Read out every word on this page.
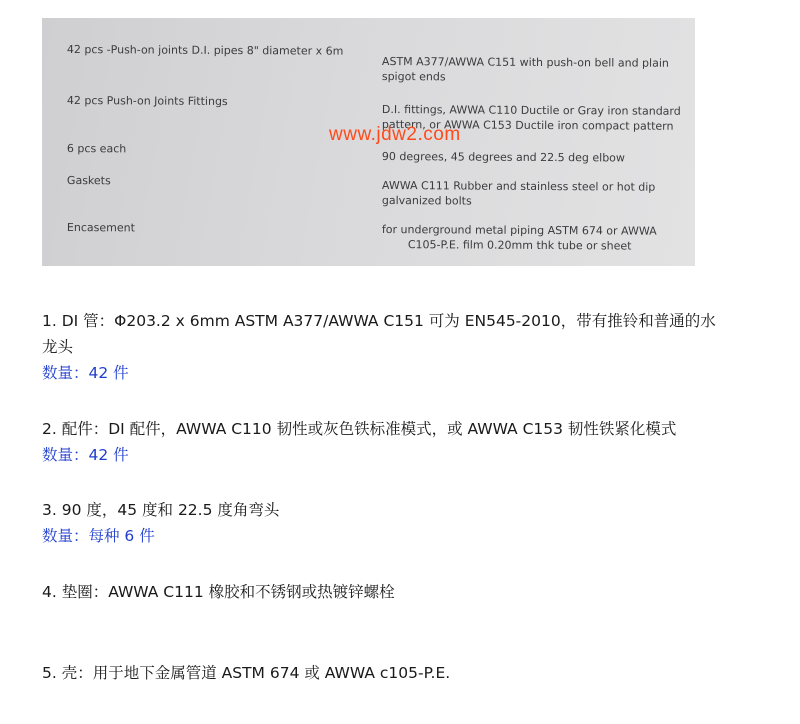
42 pcs -Push-on joints D.I. pipes 8" diameter x 6m
ASTM A377/AWWA C151 with push-on bell and plain
spigot ends
42 pcs Push-on Joints Fittings
D.I. fittings, AWWA C110 Ductile or Gray iron standard
pattern, or AWWA C153 Ductile iron compact pattern
6 pcs each
90 degrees, 45 degrees and 22.5 deg elbow
Gaskets	AWWA C111 Rubber and stainless steel or hot dip
galvanized bolts
Encasement	for underground metal piping ASTM 674 or AWWA
C105-P.E. film 0.20mm thk tube or sheet
www.jdw2.com
1. DI 管：Φ203.2 x 6mm ASTM A377/AWWA C151 可为 EN545-2010，带有推铃和普通的水
龙头
数量：42 件
2. 配件：DI 配件，AWWA C110 韧性或灰色铁标准模式，或 AWWA C153 韧性铁紧化模式
数量：42 件
3. 90 度，45 度和 22.5 度角弯头
数量：每种 6 件
4. 垫圈：AWWA C111 橡胶和不锈钢或热镀锌螺栓
5. 壳：用于地下金属管道 ASTM 674 或 AWWA c105-P.E.
